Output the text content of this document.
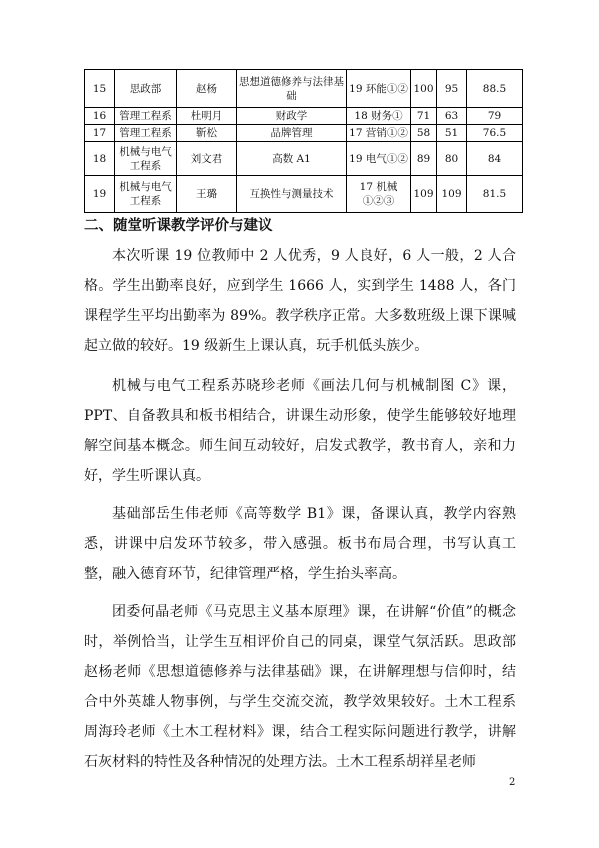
15	思政部	赵杨	思想道德修养与法律基础	19 环能①②	100	95	88.5
16	管理工程系	杜明月	财政学	18 财务①	71	63	79
17	管理工程系	靳松	品牌管理	17 营销①②	58	51	76.5
18	机械与电气工程系	刘文君	高数 A1	19 电气①②	89	80	84
19	机械与电气工程系	王璐	互换性与测量技术	17 机械①②③	109	109	81.5
二、随堂听课教学评价与建议

本次听课 19 位教师中 2 人优秀，9 人良好，6 人一般，2 人合格。学生出勤率良好，应到学生 1666 人，实到学生 1488 人，各门课程学生平均出勤率为 89%。教学秩序正常。大多数班级上课下课喊起立做的较好。19 级新生上课认真，玩手机低头族少。

机械与电气工程系苏晓珍老师《画法几何与机械制图 C》课，PPT、自备教具和板书相结合，讲课生动形象，使学生能够较好地理解空间基本概念。师生间互动较好，启发式教学，教书育人，亲和力好，学生听课认真。

基础部岳生伟老师《高等数学 B1》课，备课认真，教学内容熟悉，讲课中启发环节较多，带入感强。板书布局合理，书写认真工整，融入德育环节，纪律管理严格，学生抬头率高。

团委何晶老师《马克思主义基本原理》课，在讲解“价值”的概念时，举例恰当，让学生互相评价自己的同桌，课堂气氛活跃。思政部赵杨老师《思想道德修养与法律基础》课，在讲解理想与信仰时，结合中外英雄人物事例，与学生交流交流，教学效果较好。土木工程系周海玲老师《土木工程材料》课，结合工程实际问题进行教学，讲解石灰材料的特性及各种情况的处理方法。土木工程系胡祥星老师

2
